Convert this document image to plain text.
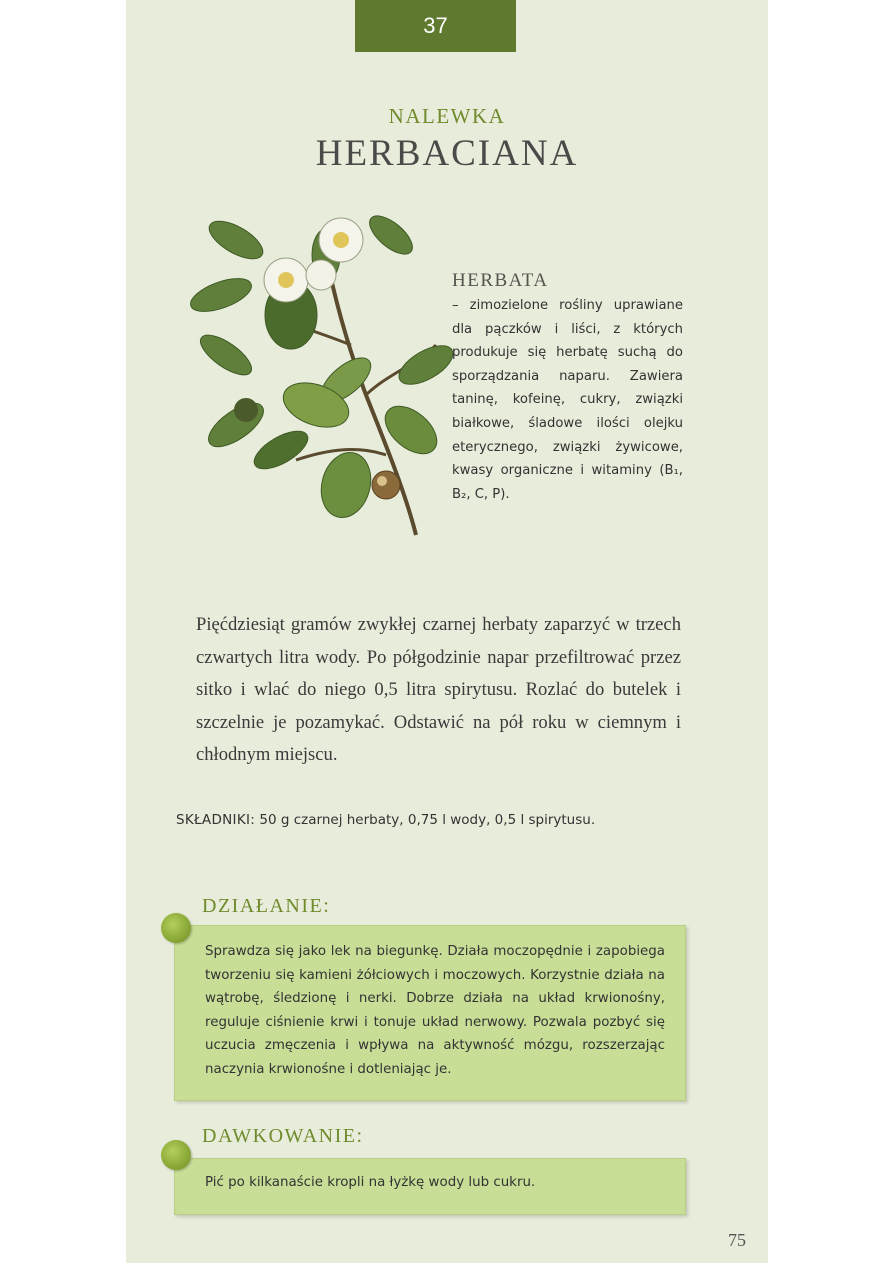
37
NALEWKA
HERBACIANA
HERBATA
– zimozielone rośliny uprawiane dla pączków i liści, z których produkuje się herbatę suchą do sporządzania naparu. Zawiera taninę, kofeinę, cukry, związki białkowe, śladowe ilości olejku eterycznego, związki żywicowe, kwasy organiczne i witaminy (B₁, B₂, C, P).
Pięćdziesiąt gramów zwykłej czarnej herbaty zaparzyć w trzech czwartych litra wody. Po półgodzinie napar przefiltrować przez sitko i wlać do niego 0,5 litra spirytusu. Rozlać do butelek i szczelnie je pozamykać. Odstawić na pół roku w ciemnym i chłodnym miejscu.
SKŁADNIKI: 50 g czarnej herbaty, 0,75 l wody, 0,5 l spirytusu.
DZIAŁANIE:
Sprawdza się jako lek na biegunkę. Działa moczopędnie i zapobiega tworzeniu się kamieni żółciowych i moczowych. Korzystnie działa na wątrobę, śledzionę i nerki. Dobrze działa na układ krwionośny, reguluje ciśnienie krwi i tonuje układ nerwowy. Pozwala pozbyć się uczucia zmęczenia i wpływa na aktywność mózgu, rozszerzając naczynia krwionośne i dotleniając je.
DAWKOWANIE:
Pić po kilkanaście kropli na łyżkę wody lub cukru.
75
